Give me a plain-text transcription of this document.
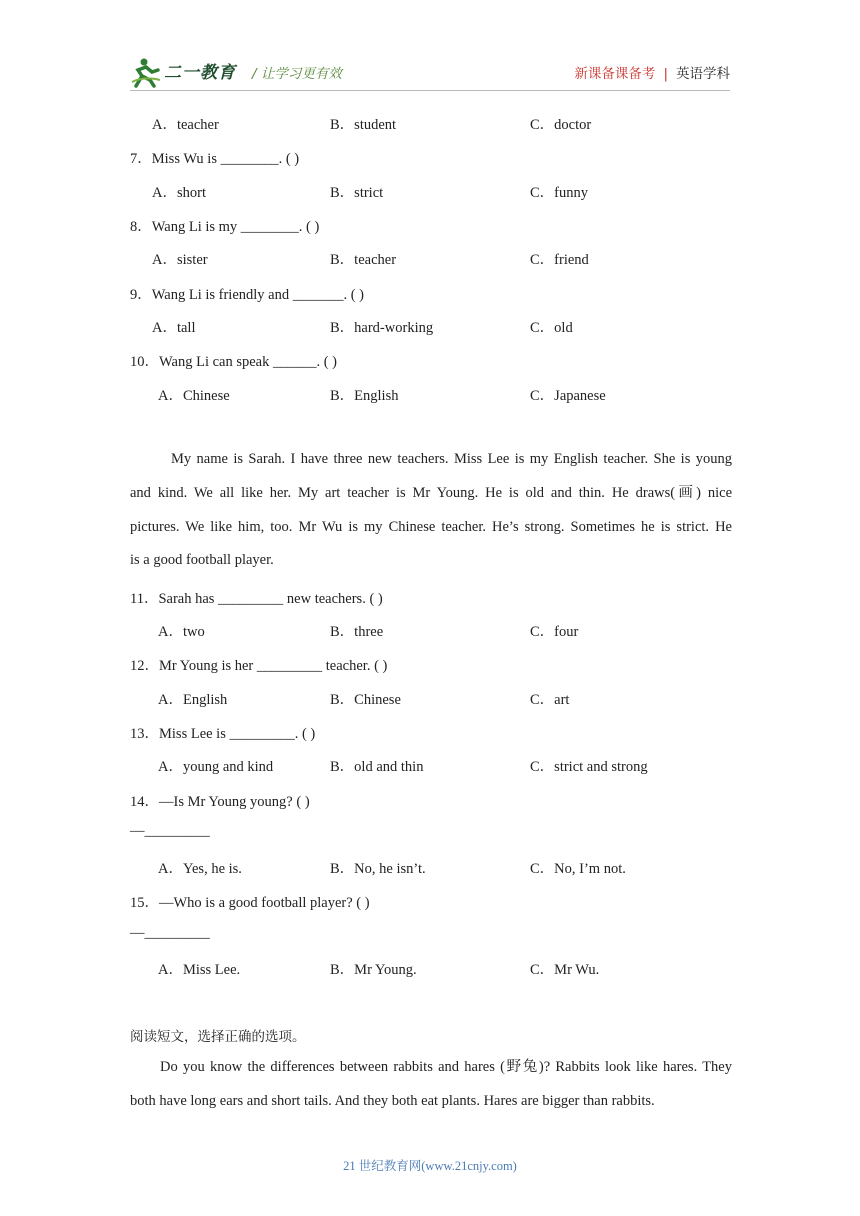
二一教育 / 让学习更有效	新课备课备考 | 英语学科
A．teacher	B．student	C．doctor
7．Miss Wu is ________. ( )
A．short	B．strict	C．funny
8．Wang Li is my ________. ( )
A．sister	B．teacher	C．friend
9．Wang Li is friendly and _______. ( )
A．tall	B．hard-working	C．old
10．Wang Li can speak ______. ( )
A．Chinese	B．English	C．Japanese
My name is Sarah. I have three new teachers. Miss Lee is my English teacher. She is young
and kind. We all like her. My art teacher is Mr Young. He is old and thin. He draws(画) nice
pictures. We like him, too. Mr Wu is my Chinese teacher. He’s strong. Sometimes he is strict. He
is a good football player.
11．Sarah has _________ new teachers. ( )
A．two	B．three	C．four
12．Mr Young is her _________ teacher. ( )
A．English	B．Chinese	C．art
13．Miss Lee is _________. ( )
A．young and kind	B．old and thin	C．strict and strong
14．—Is Mr Young young? ( )
—_________
A．Yes, he is.	B．No, he isn’t.	C．No, I’m not.
15．—Who is a good football player? ( )
—_________
A．Miss Lee.	B．Mr Young.	C．Mr Wu.
阅读短文，选择正确的选项。
Do you know the differences between rabbits and hares (野兔)? Rabbits look like hares. They
both have long ears and short tails. And they both eat plants. Hares are bigger than rabbits.
21 世纪教育网(www.21cnjy.com)
